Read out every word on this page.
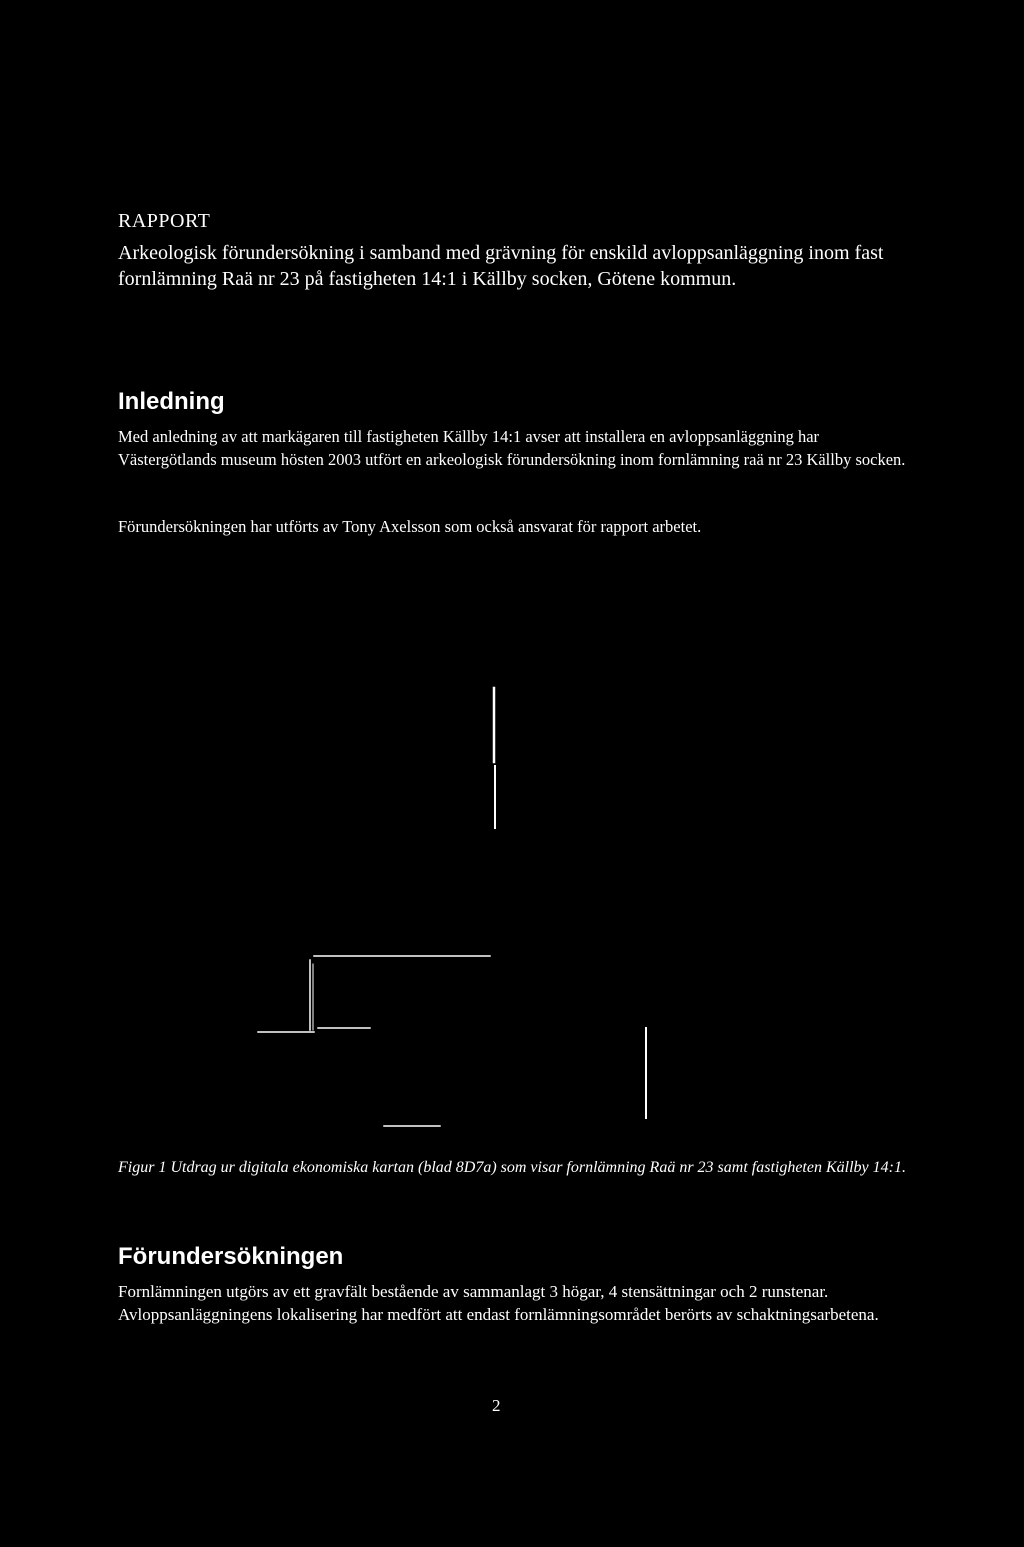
RAPPORT

Arkeologisk förundersökning i samband med grävning för enskild avloppsanläggning inom fast fornlämning Raä nr 23 på fastigheten 14:1 i Källby socken, Götene kommun.
Inledning

Med anledning av att markägaren till fastigheten Källby 14:1 avser att installera en avloppsanläggning har Västergötlands museum hösten 2003 utfört en arkeologisk förundersökning inom fornlämning raä nr 23 Källby socken.

Förundersökningen har utförts av Tony Axelsson som också ansvarat för rapport arbetet.

Figur 1 Utdrag ur digitala ekonomiska kartan (blad 8D7a) som visar fornlämning Raä nr 23 samt fastigheten Källby 14:1.

Förundersökningen

Fornlämningen utgörs av ett gravfält bestående av sammanlagt 3 högar, 4 stensättningar och 2 runstenar. Avloppsanläggningens lokalisering har medfört att endast fornlämningsområdet berörts av schaktningsarbetena.

2
